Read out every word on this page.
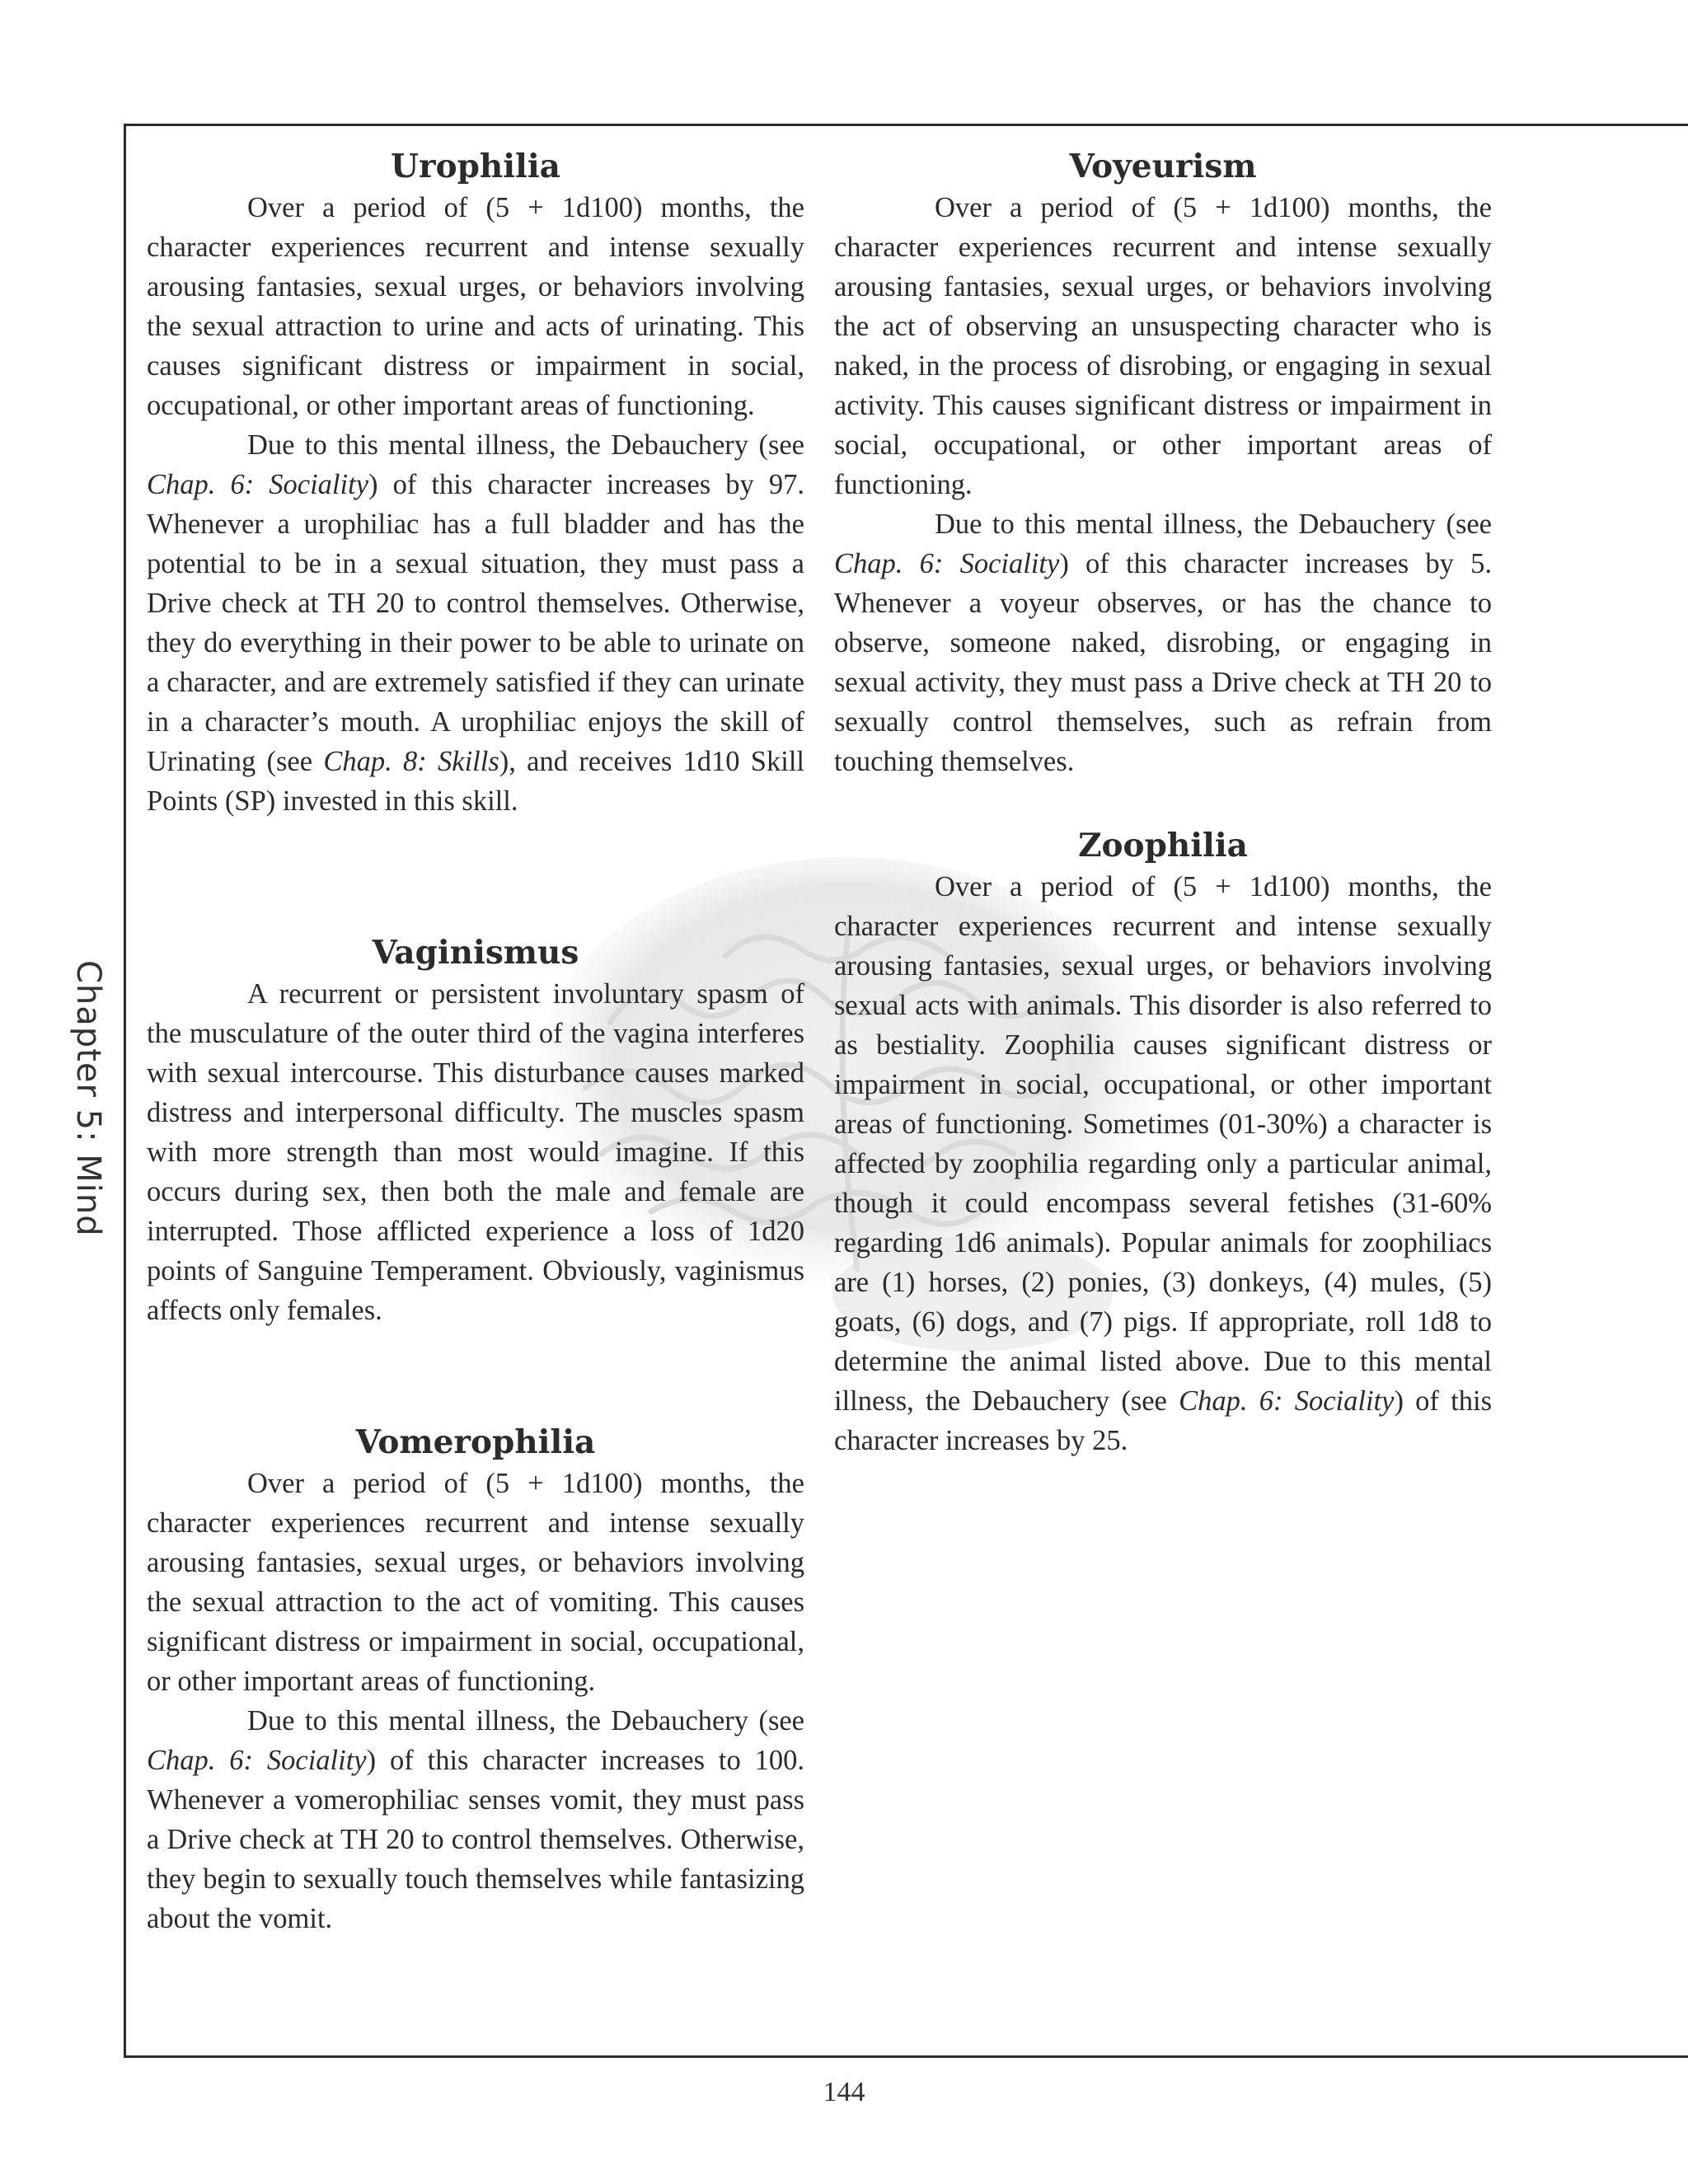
Chapter 5: Mind
Urophilia

Over a period of (5 + 1d100) months, the character experiences recurrent and intense sexually arousing fantasies, sexual urges, or behaviors involving the sexual attraction to urine and acts of urinating. This causes significant distress or impairment in social, occupational, or other important areas of functioning.

Due to this mental illness, the Debauchery (see Chap. 6: Sociality) of this character increases by 97. Whenever a urophiliac has a full bladder and has the potential to be in a sexual situation, they must pass a Drive check at TH 20 to control themselves. Otherwise, they do everything in their power to be able to urinate on a character, and are extremely satisfied if they can urinate in a character’s mouth. A urophiliac enjoys the skill of Urinating (see Chap. 8: Skills), and receives 1d10 Skill Points (SP) invested in this skill.

Vaginismus

A recurrent or persistent involuntary spasm of the musculature of the outer third of the vagina interferes with sexual intercourse. This disturbance causes marked distress and interpersonal difficulty. The muscles spasm with more strength than most would imagine. If this occurs during sex, then both the male and female are interrupted. Those afflicted experience a loss of 1d20 points of Sanguine Temperament. Obviously, vaginismus affects only females.

Vomerophilia

Over a period of (5 + 1d100) months, the character experiences recurrent and intense sexually arousing fantasies, sexual urges, or behaviors involving the sexual attraction to the act of vomiting. This causes significant distress or impairment in social, occupational, or other important areas of functioning.

Due to this mental illness, the Debauchery (see Chap. 6: Sociality) of this character increases to 100. Whenever a vomerophiliac senses vomit, they must pass a Drive check at TH 20 to control themselves. Otherwise, they begin to sexually touch themselves while fantasizing about the vomit.

Voyeurism

Over a period of (5 + 1d100) months, the character experiences recurrent and intense sexually arousing fantasies, sexual urges, or behaviors involving the act of observing an unsuspecting character who is naked, in the process of disrobing, or engaging in sexual activity. This causes significant distress or impairment in social, occupational, or other important areas of functioning.

Due to this mental illness, the Debauchery (see Chap. 6: Sociality) of this character increases by 5. Whenever a voyeur observes, or has the chance to observe, someone naked, disrobing, or engaging in sexual activity, they must pass a Drive check at TH 20 to sexually control themselves, such as refrain from touching themselves.

Zoophilia

Over a period of (5 + 1d100) months, the character experiences recurrent and intense sexually arousing fantasies, sexual urges, or behaviors involving sexual acts with animals. This disorder is also referred to as bestiality. Zoophilia causes significant distress or impairment in social, occupational, or other important areas of functioning. Sometimes (01-30%) a character is affected by zoophilia regarding only a particular animal, though it could encompass several fetishes (31-60% regarding 1d6 animals). Popular animals for zoophiliacs are (1) horses, (2) ponies, (3) donkeys, (4) mules, (5) goats, (6) dogs, and (7) pigs. If appropriate, roll 1d8 to determine the animal listed above. Due to this mental illness, the Debauchery (see Chap. 6: Sociality) of this character increases by 25.

144
